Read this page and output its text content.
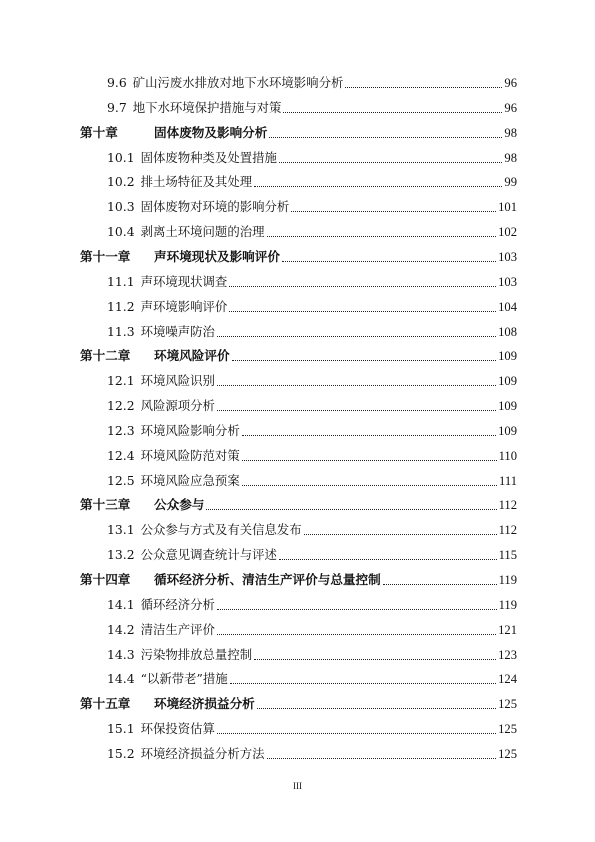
9.6 矿山污废水排放对地下水环境影响分析	96
9.7 地下水环境保护措施与对策	96
第十章	固体废物及影响分析	98
10.1 固体废物种类及处置措施	98
10.2 排土场特征及其处理	99
10.3 固体废物对环境的影响分析	101
10.4 剥离土环境问题的治理	102
第十一章	声环境现状及影响评价	103
11.1 声环境现状调查	103
11.2 声环境影响评价	104
11.3 环境噪声防治	108
第十二章	环境风险评价	109
12.1 环境风险识别	109
12.2 风险源项分析	109
12.3 环境风险影响分析	109
12.4 环境风险防范对策	110
12.5 环境风险应急预案	111
第十三章	公众参与	112
13.1 公众参与方式及有关信息发布	112
13.2 公众意见调查统计与评述	115
第十四章	循环经济分析、清洁生产评价与总量控制	119
14.1 循环经济分析	119
14.2 清洁生产评价	121
14.3 污染物排放总量控制	123
14.4 “以新带老”措施	124
第十五章	环境经济损益分析	125
15.1 环保投资估算	125
15.2 环境经济损益分析方法	125
III
